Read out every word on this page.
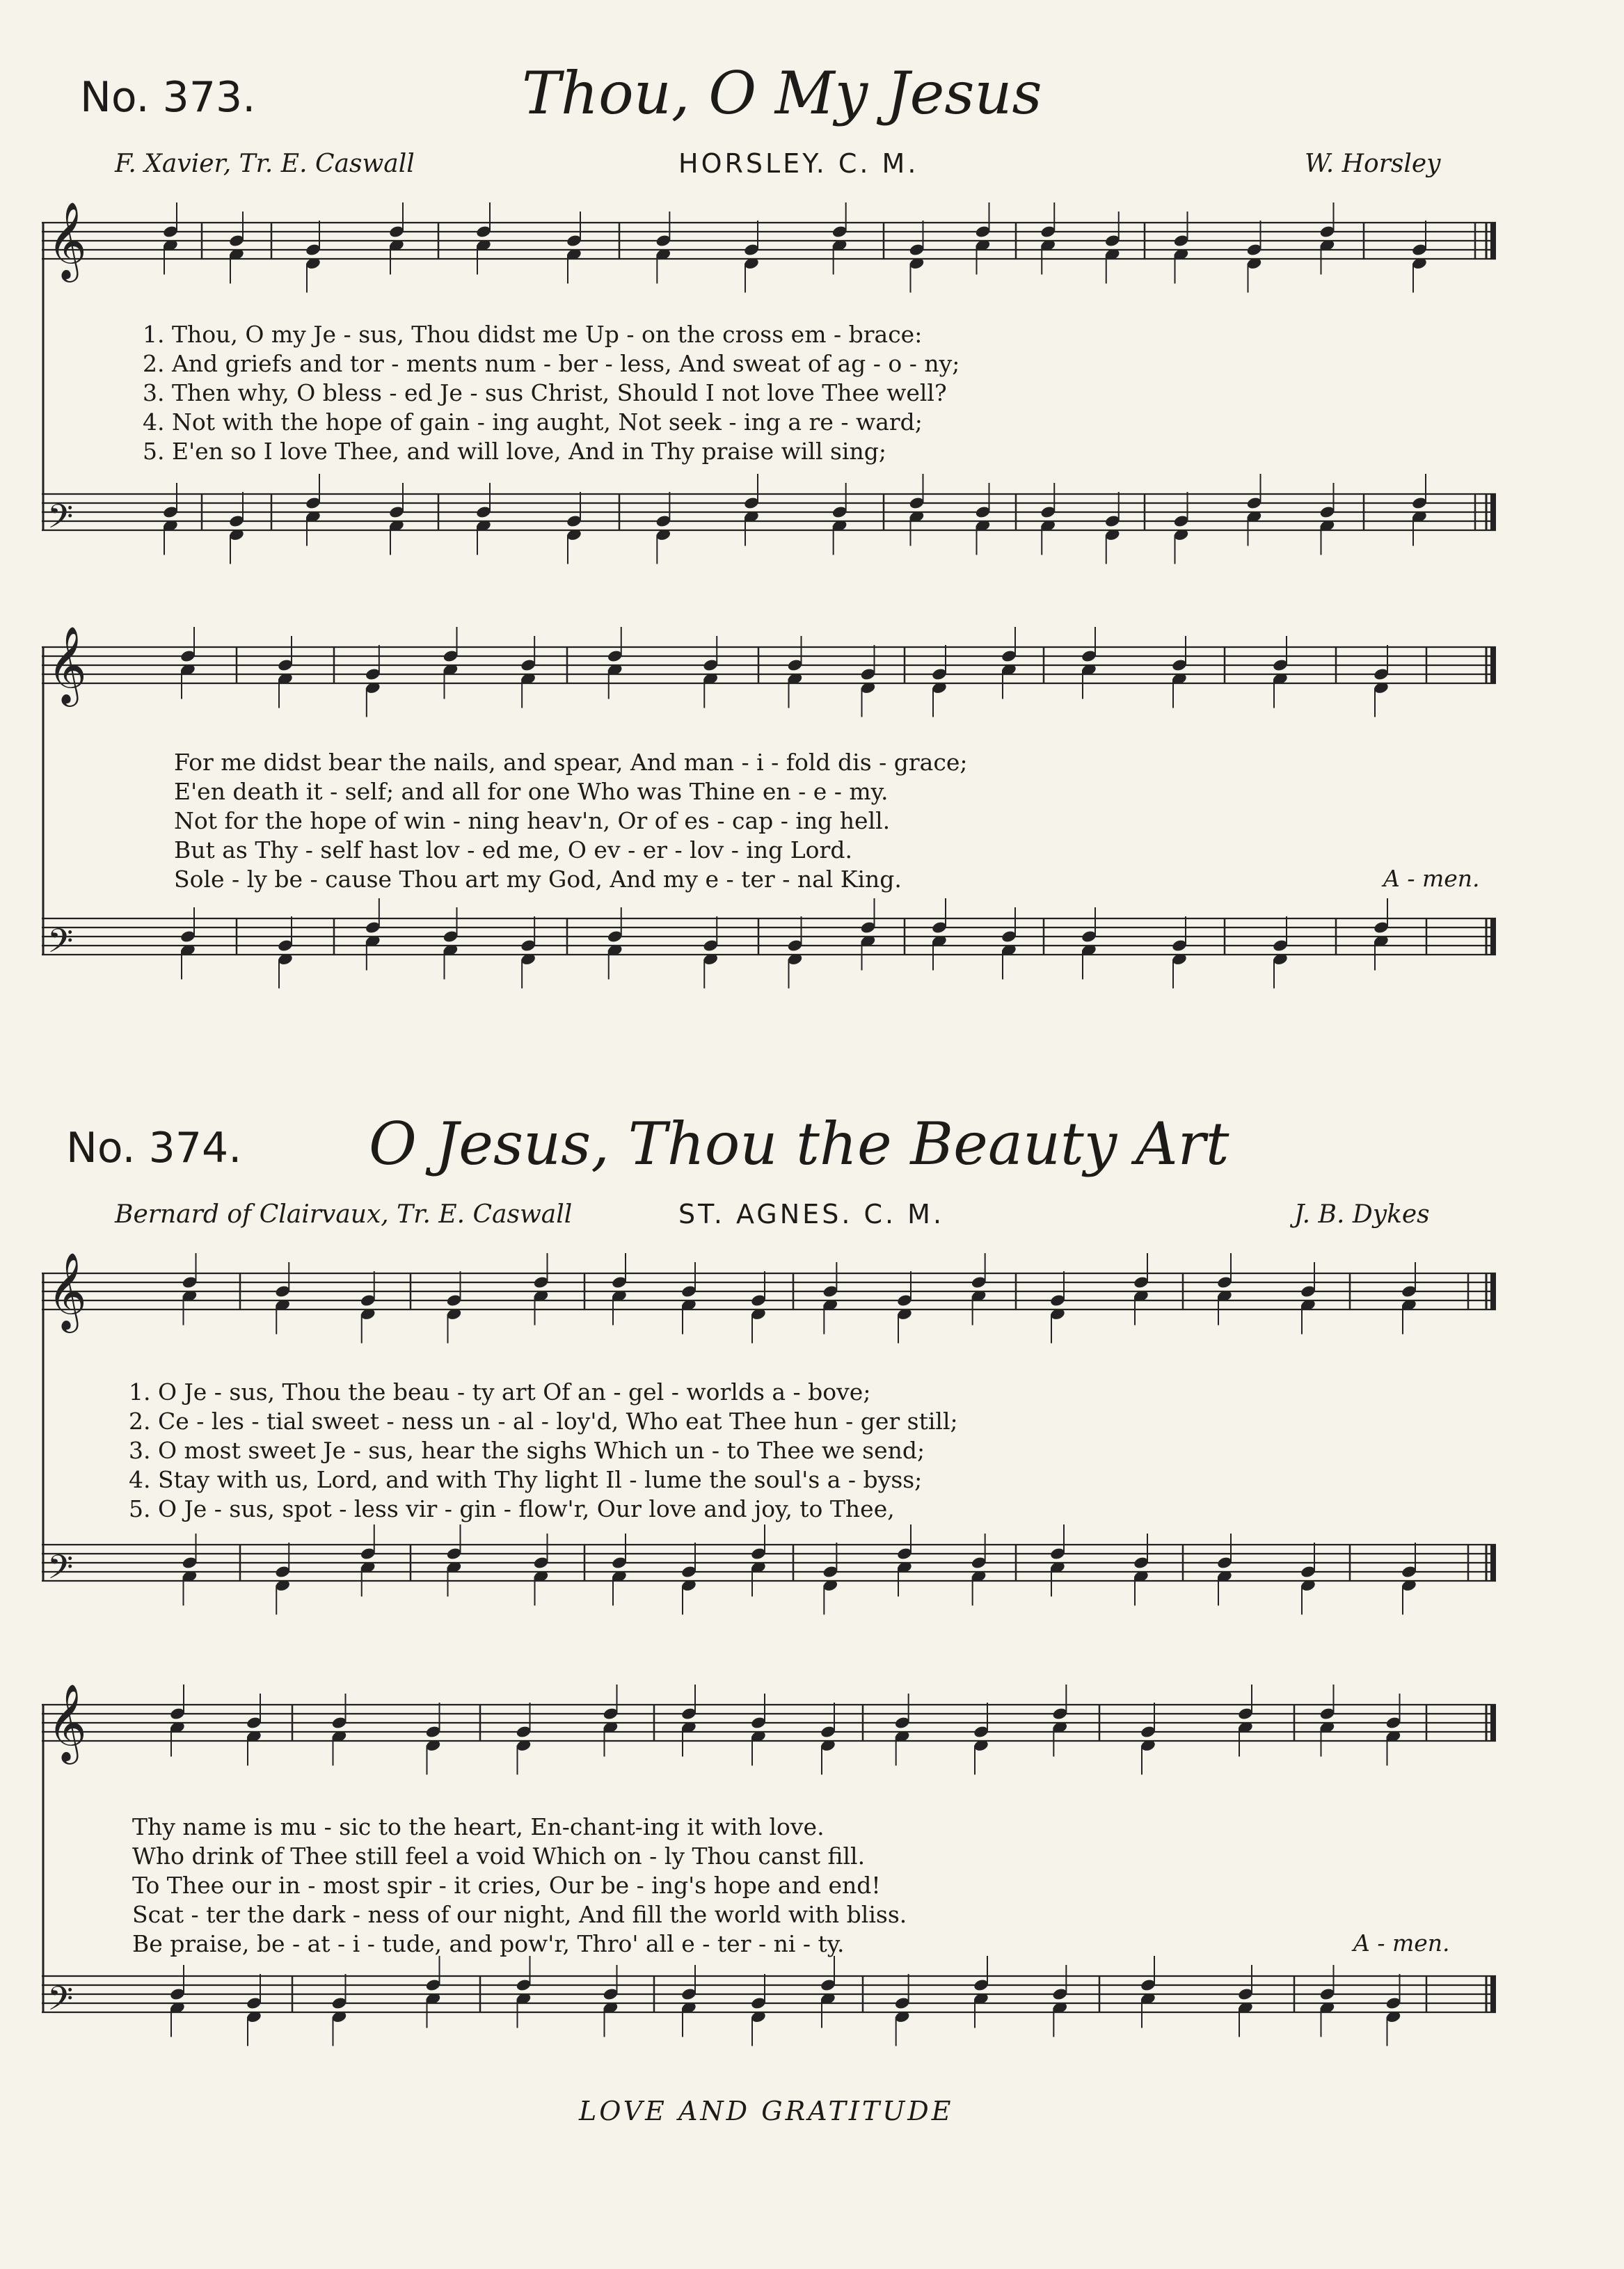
No. 373.	Thou, O My Jesus
F. Xavier, Tr. E. Caswall	HORSLEY. C. M.	W. Horsley
𝄞
𝄢
1. Thou, O my Je - sus, Thou didst me Up - on the cross em - brace:
2. And griefs and tor - ments num - ber - less, And sweat of ag - o - ny;
3. Then why, O bless - ed Je - sus Christ, Should I not love Thee well?
4. Not with the hope of gain - ing aught, Not seek - ing a re - ward;
5. E'en so I love Thee, and will love, And in Thy praise will sing;
𝄞
𝄢
For me didst bear the nails, and spear, And man - i - fold dis - grace;
E'en death it - self; and all for one Who was Thine en - e - my.
Not for the hope of win - ning heav'n, Or of es - cap - ing hell.
But as Thy - self hast lov - ed me, O ev - er - lov - ing Lord.
Sole - ly be - cause Thou art my God, And my e - ter - nal King.	A - men.
No. 374. O Jesus, Thou the Beauty Art
Bernard of Clairvaux, Tr. E. Caswall	ST. AGNES. C. M.	J. B. Dykes
𝄞
𝄢
1. O Je - sus, Thou the beau - ty art Of an - gel - worlds a - bove;
2. Ce - les - tial sweet - ness un - al - loy'd, Who eat Thee hun - ger still;
3. O most sweet Je - sus, hear the sighs Which un - to Thee we send;
4. Stay with us, Lord, and with Thy light Il - lume the soul's a - byss;
5. O Je - sus, spot - less vir - gin - flow'r, Our love and joy, to Thee,
𝄞
𝄢
Thy name is mu - sic to the heart, En-chant-ing it with love.
Who drink of Thee still feel a void Which on - ly Thou canst fill.
To Thee our in - most spir - it cries, Our be - ing's hope and end!
Scat - ter the dark - ness of our night, And fill the world with bliss.
Be praise, be - at - i - tude, and pow'r, Thro' all e - ter - ni - ty.	A - men.
LOVE AND GRATITUDE
